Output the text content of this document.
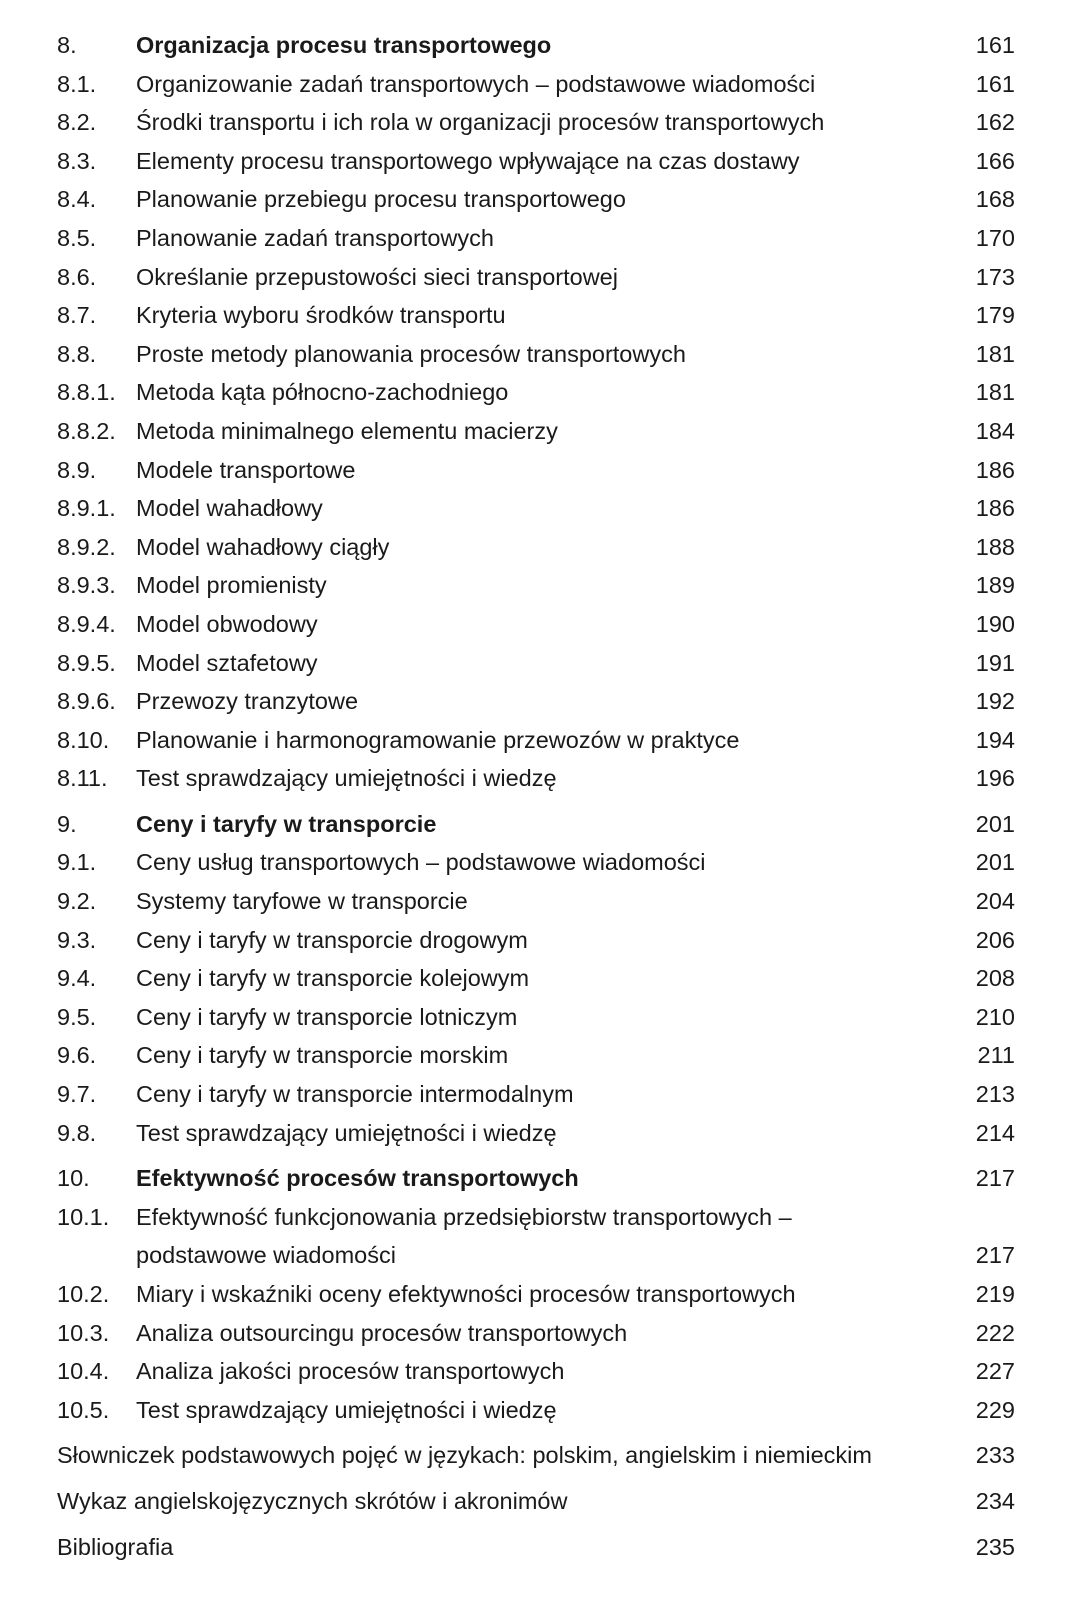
8.	Organizacja procesu transportowego	161
8.1. Organizowanie zadań transportowych – podstawowe wiadomości	161
8.2. Środki transportu i ich rola w organizacji procesów transportowych	162
8.3. Elementy procesu transportowego wpływające na czas dostawy	166
8.4. Planowanie przebiegu procesu transportowego	168
8.5. Planowanie zadań transportowych	170
8.6. Określanie przepustowości sieci transportowej	173
8.7. Kryteria wyboru środków transportu	179
8.8. Proste metody planowania procesów transportowych	181
8.8.1. Metoda kąta północno-zachodniego	181
8.8.2. Metoda minimalnego elementu macierzy	184
8.9. Modele transportowe	186
8.9.1. Model wahadłowy	186
8.9.2. Model wahadłowy ciągły	188
8.9.3. Model promienisty	189
8.9.4. Model obwodowy	190
8.9.5. Model sztafetowy	191
8.9.6. Przewozy tranzytowe	192
8.10. Planowanie i harmonogramowanie przewozów w praktyce	194
8.11. Test sprawdzający umiejętności i wiedzę	196
9.	Ceny i taryfy w transporcie	201
9.1. Ceny usług transportowych – podstawowe wiadomości	201
9.2. Systemy taryfowe w transporcie	204
9.3. Ceny i taryfy w transporcie drogowym	206
9.4. Ceny i taryfy w transporcie kolejowym	208
9.5. Ceny i taryfy w transporcie lotniczym	210
9.6. Ceny i taryfy w transporcie morskim	211
9.7. Ceny i taryfy w transporcie intermodalnym	213
9.8. Test sprawdzający umiejętności i wiedzę	214
10. Efektywność procesów transportowych	217
10.1. Efektywność funkcjonowania przedsiębiorstw transportowych –
podstawowe wiadomości	217
10.2. Miary i wskaźniki oceny efektywności procesów transportowych	219
10.3. Analiza outsourcingu procesów transportowych	222
10.4. Analiza jakości procesów transportowych	227
10.5. Test sprawdzający umiejętności i wiedzę	229
Słowniczek podstawowych pojęć w językach: polskim, angielskim i niemieckim	233
Wykaz angielskojęzycznych skrótów i akronimów	234
Bibliografia	235
